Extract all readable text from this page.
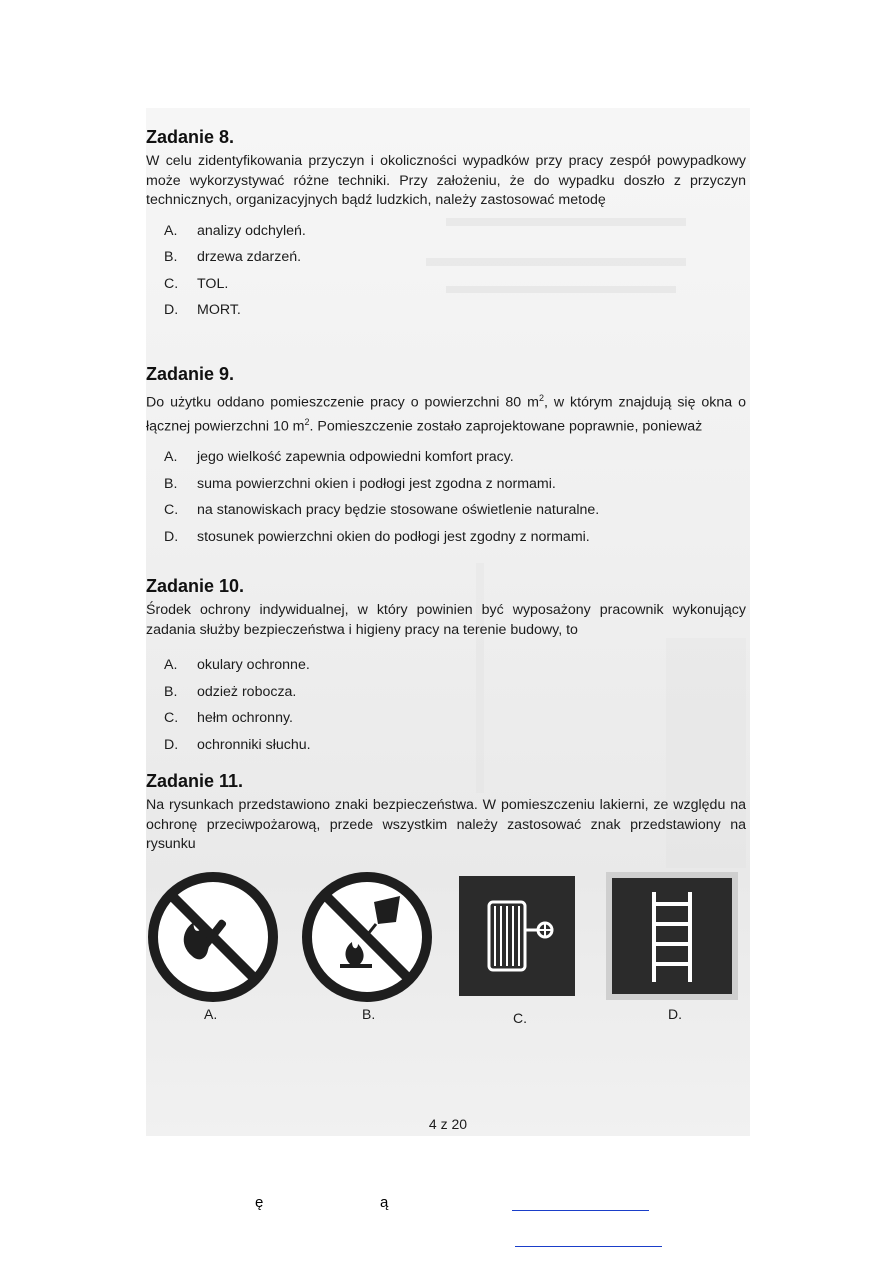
Zadanie 8.

W celu zidentyfikowania przyczyn i okoliczności wypadków przy pracy zespół powypadkowy może wykorzystywać różne techniki. Przy założeniu, że do wypadku doszło z przyczyn technicznych, organizacyjnych bądź ludzkich, należy zastosować metodę

A.	analizy odchyleń.
B.	drzewa zdarzeń.
C.	TOL.
D.	MORT.
Zadanie 9.

Do użytku oddano pomieszczenie pracy o powierzchni 80 $m^2$, w którym znajdują się okna o łącznej powierzchni 10 $m^2$. Pomieszczenie zostało zaprojektowane poprawnie, ponieważ

A.	jego wielkość zapewnia odpowiedni komfort pracy.
B.	suma powierzchni okien i podłogi jest zgodna z normami.
C.	na stanowiskach pracy będzie stosowane oświetlenie naturalne.
D.	stosunek powierzchni okien do podłogi jest zgodny z normami.
Zadanie 10.

Środek ochrony indywidualnej, w który powinien być wyposażony pracownik wykonujący zadania służby bezpieczeństwa i higieny pracy na terenie budowy, to

A.	okulary ochronne.
B.	odzież robocza.
C.	hełm ochronny.
D.	ochronniki słuchu.
Zadanie 11.

Na rysunkach przedstawiono znaki bezpieczeństwa. W pomieszczeniu lakierni, ze względu na ochronę przeciwpożarową, przede wszystkim należy zastosować znak przedstawiony na rysunku

A.	B.	C.	D.
4 z 20
ę	ą
